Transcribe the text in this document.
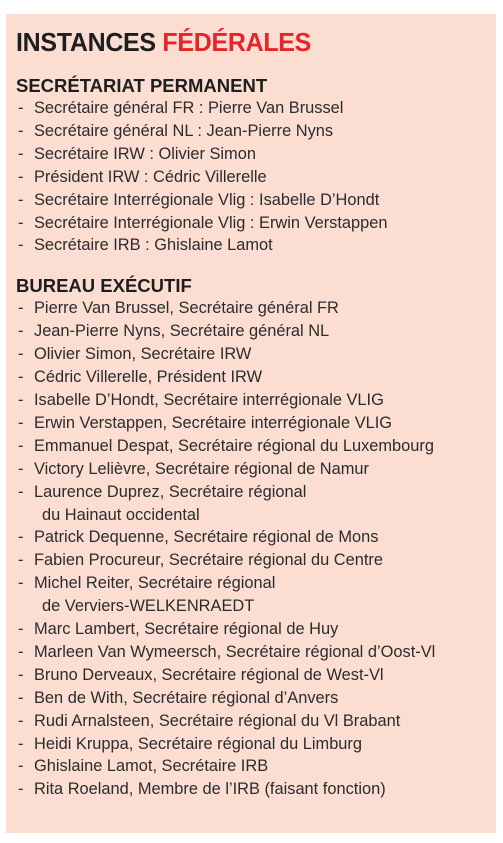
INSTANCES FÉDÉRALES
SECRÉTARIAT PERMANENT
- Secrétaire général FR : Pierre Van Brussel
- Secrétaire général NL : Jean-Pierre Nyns
- Secrétaire IRW : Olivier Simon
- Président IRW : Cédric Villerelle
- Secrétaire Interrégionale Vlig : Isabelle D’Hondt
- Secrétaire Interrégionale Vlig : Erwin Verstappen
- Secrétaire IRB : Ghislaine Lamot
BUREAU EXÉCUTIF
- Pierre Van Brussel, Secrétaire général FR
- Jean-Pierre Nyns, Secrétaire général NL
- Olivier Simon, Secrétaire IRW
- Cédric Villerelle, Président IRW
- Isabelle D’Hondt, Secrétaire interrégionale VLIG
- Erwin Verstappen, Secrétaire interrégionale VLIG
- Emmanuel Despat, Secrétaire régional du Luxembourg
- Victory Lelièvre, Secrétaire régional de Namur
- Laurence Duprez, Secrétaire régional
du Hainaut occidental
- Patrick Dequenne, Secrétaire régional de Mons
- Fabien Procureur, Secrétaire régional du Centre
- Michel Reiter, Secrétaire régional
de Verviers-WELKENRAEDT
- Marc Lambert, Secrétaire régional de Huy
- Marleen Van Wymeersch, Secrétaire régional d’Oost-Vl
- Bruno Derveaux, Secrétaire régional de West-Vl
- Ben de With, Secrétaire régional d’Anvers
- Rudi Arnalsteen, Secrétaire régional du Vl Brabant
- Heidi Kruppa, Secrétaire régional du Limburg
- Ghislaine Lamot, Secrétaire IRB
- Rita Roeland, Membre de l’IRB (faisant fonction)
